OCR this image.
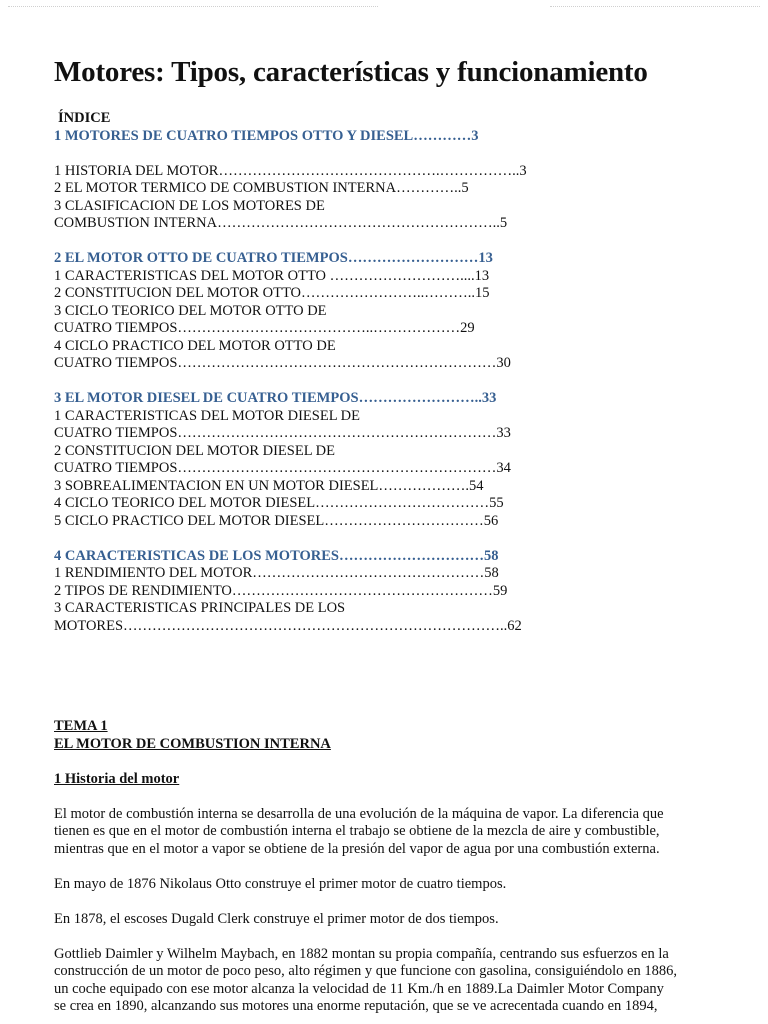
Motores: Tipos, características y funcionamiento
ÍNDICE
1 MOTORES DE CUATRO TIEMPOS OTTO Y DIESEL…………3
1 HISTORIA DEL MOTOR……………………………………….……………..3
2 EL MOTOR TERMICO DE COMBUSTION INTERNA…………..5
3 CLASIFICACION DE LOS MOTORES DE
COMBUSTION INTERNA…………………………………………………..5
2 EL MOTOR OTTO DE CUATRO TIEMPOS………………………13
1 CARACTERISTICAS DEL MOTOR OTTO ………………………....13
2 CONSTITUCION DEL MOTOR OTTO……………………..………..15
3 CICLO TEORICO DEL MOTOR OTTO DE
CUATRO TIEMPOS…………………………………..………………29
4 CICLO PRACTICO DEL MOTOR OTTO DE
CUATRO TIEMPOS…………………………………………………………30
3 EL MOTOR DIESEL DE CUATRO TIEMPOS……………………..33
1 CARACTERISTICAS DEL MOTOR DIESEL DE
CUATRO TIEMPOS…………………………………………………………33
2 CONSTITUCION DEL MOTOR DIESEL DE
CUATRO TIEMPOS…………………………………………………………34
3 SOBREALIMENTACION EN UN MOTOR DIESEL……………….54
4 CICLO TEORICO DEL MOTOR DIESEL………………………………55
5 CICLO PRACTICO DEL MOTOR DIESEL……………………………56
4 CARACTERISTICAS DE LOS MOTORES…………………………58
1 RENDIMIENTO DEL MOTOR…………………………………………58
2 TIPOS DE RENDIMIENTO………………………………………………59
3 CARACTERISTICAS PRINCIPALES DE LOS
MOTORES……………………………………………………………………..62
TEMA 1
EL MOTOR DE COMBUSTION INTERNA
1 Historia del motor
El motor de combustión interna se desarrolla de una evolución de la máquina de vapor. La diferencia que
tienen es que en el motor de combustión interna el trabajo se obtiene de la mezcla de aire y combustible,
mientras que en el motor a vapor se obtiene de la presión del vapor de agua por una combustión externa.
En mayo de 1876 Nikolaus Otto construye el primer motor de cuatro tiempos.
En 1878, el escoses Dugald Clerk construye el primer motor de dos tiempos.
Gottlieb Daimler y Wilhelm Maybach, en 1882 montan su propia compañía, centrando sus esfuerzos en la
construcción de un motor de poco peso, alto régimen y que funcione con gasolina, consiguiéndolo en 1886,
un coche equipado con ese motor alcanza la velocidad de 11 Km./h en 1889.La Daimler Motor Company
se crea en 1890, alcanzando sus motores una enorme reputación, que se ve acrecentada cuando en 1894,
